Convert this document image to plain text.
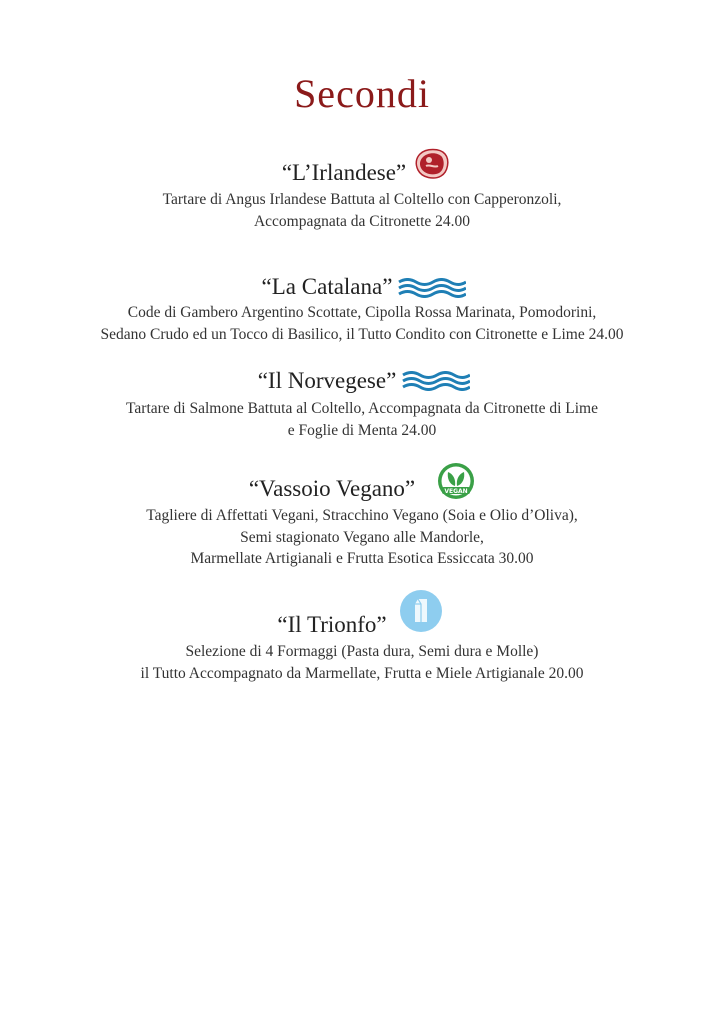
Secondi
“L’Irlandese”
Tartare di Angus Irlandese Battuta al Coltello con Capperonzoli,
Accompagnata da Citronette 24.00
“La Catalana”
Code di Gambero Argentino Scottate, Cipolla Rossa Marinata, Pomodorini,
Sedano Crudo ed un Tocco di Basilico, il Tutto Condito con Citronette e Lime 24.00
“Il Norvegese”
Tartare di Salmone Battuta al Coltello, Accompagnata da Citronette di Lime
e Foglie di Menta 24.00
“Vassoio Vegano”	VEGAN
Tagliere di Affettati Vegani, Stracchino Vegano (Soia e Olio d’Oliva),
Semi stagionato Vegano alle Mandorle,
Marmellate Artigianali e Frutta Esotica Essiccata 30.00
“Il Trionfo”
Selezione di 4 Formaggi (Pasta dura, Semi dura e Molle)
il Tutto Accompagnato da Marmellate, Frutta e Miele Artigianale 20.00
